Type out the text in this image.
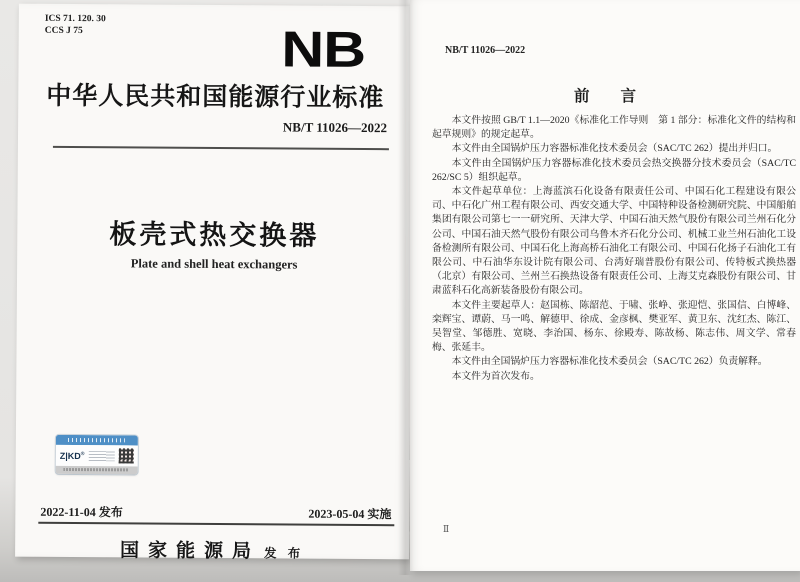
ICS 71. 120. 30
CCS J 75	NB
中华人民共和国能源行业标准
NB/T 11026—2022
板壳式热交换器
Plate and shell heat exchangers
Z|KD®
2022-11-04 发布	2023-05-04 实施
国家能源局 发 布
NB/T 11026—2022
前　　言

本文件按照 GB/T 1.1—2020《标准化工作导则　第 1 部分：标准化文件的结构和起草规则》的规定起草。

本文件由全国锅炉压力容器标准化技术委员会（SAC/TC 262）提出并归口。

本文件由全国锅炉压力容器标准化技术委员会热交换器分技术委员会（SAC/TC 262/SC 5）组织起草。

本文件起草单位：上海蓝滨石化设备有限责任公司、中国石化工程建设有限公司、中石化广州工程有限公司、西安交通大学、中国特种设备检测研究院、中国船舶集团有限公司第七一一研究所、天津大学、中国石油天然气股份有限公司兰州石化分公司、中国石油天然气股份有限公司乌鲁木齐石化分公司、机械工业兰州石油化工设备检测所有限公司、中国石化上海高桥石油化工有限公司、中国石化扬子石油化工有限公司、中石油华东设计院有限公司、台湾好瑞普股份有限公司、传特板式换热器（北京）有限公司、兰州兰石换热设备有限责任公司、上海艾克森股份有限公司、甘肃蓝科石化高新装备股份有限公司。

本文件主要起草人：赵国栋、陈韶范、于啸、张峥、张迎恺、张国信、白博峰、栾辉宝、谭蔚、马一鸣、解德甲、徐成、金彦枫、樊亚军、黄卫东、沈红杰、陈江、吴智堂、邹德胜、宽晓、李治国、杨东、徐殿寿、陈故杨、陈志伟、周文学、常春梅、张延丰。

本文件由全国锅炉压力容器标准化技术委员会（SAC/TC 262）负责解释。

本文件为首次发布。

Ⅱ
